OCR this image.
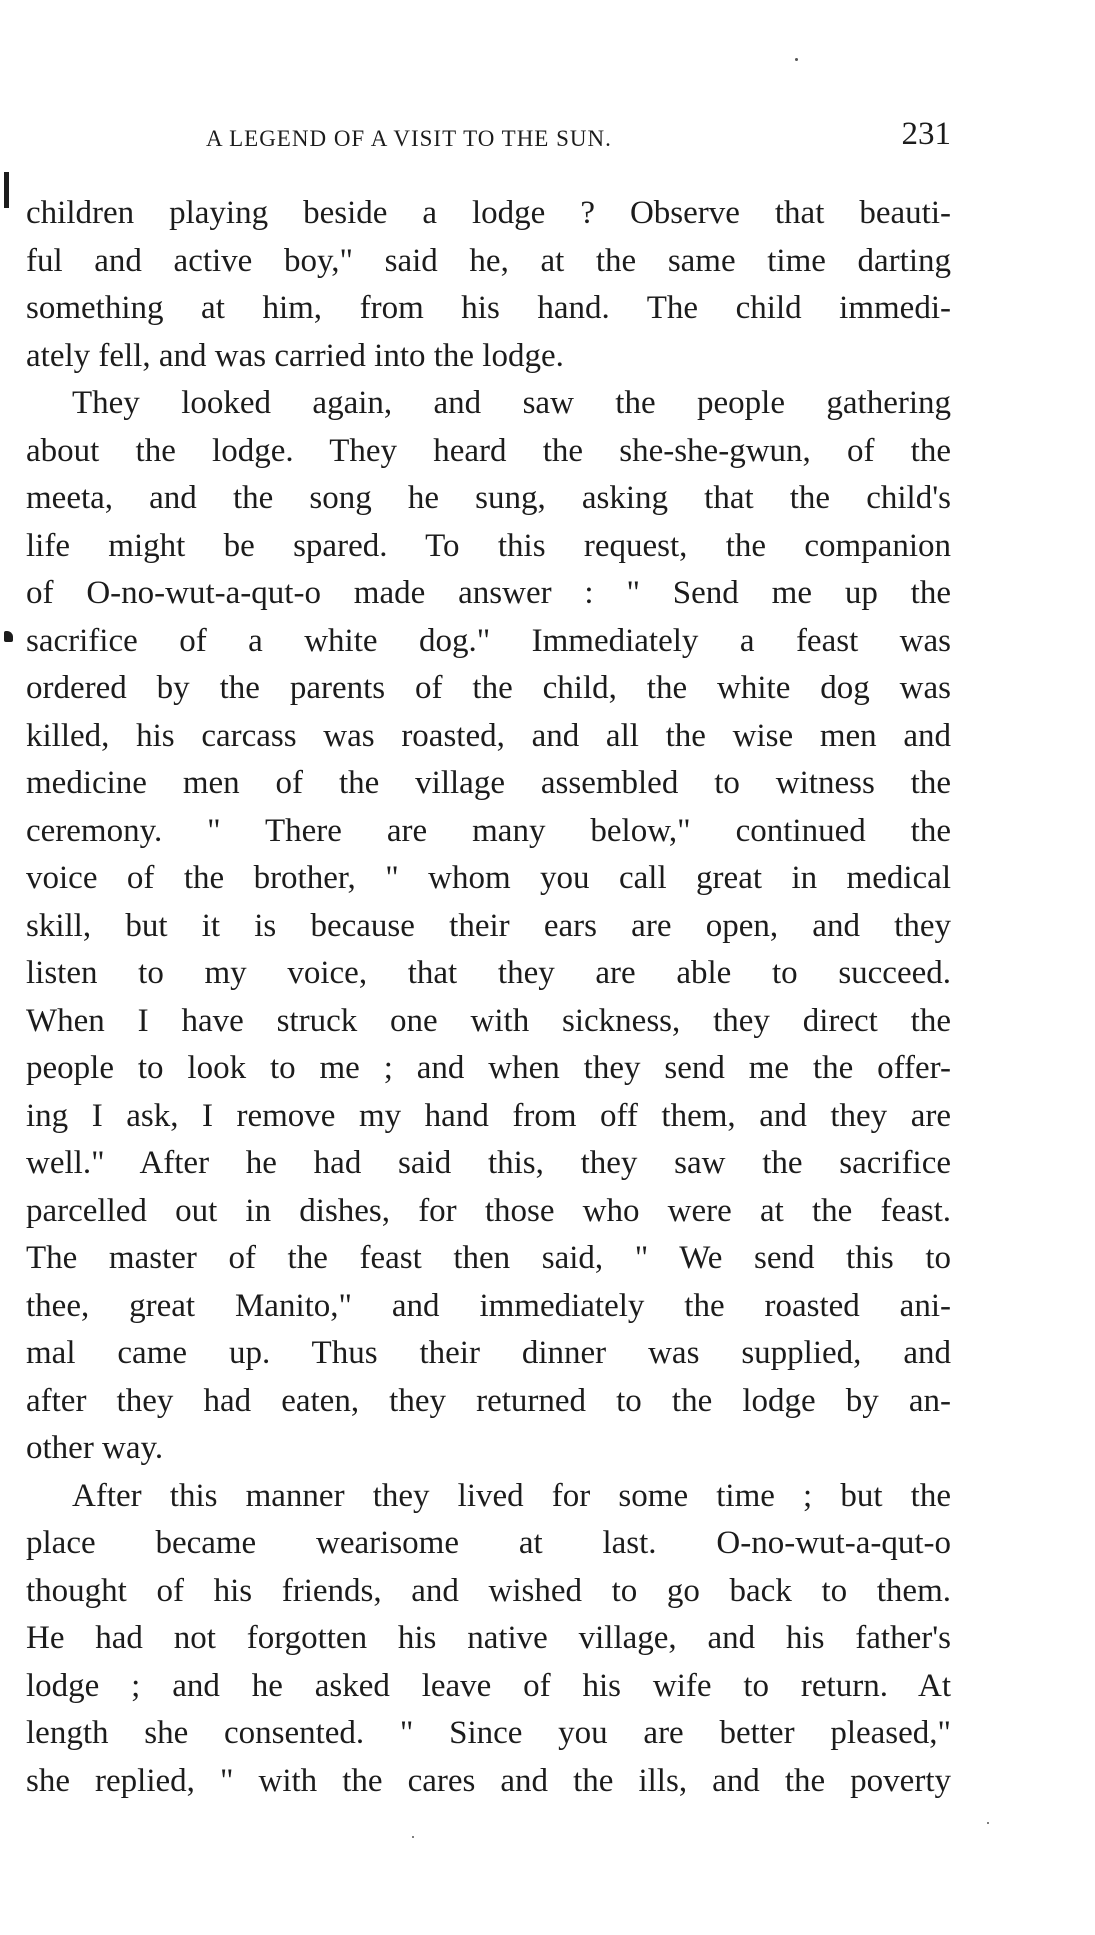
A LEGEND OF A VISIT TO THE SUN.	231
children playing beside a lodge ? Observe that beauti-
ful and active boy," said he, at the same time darting
something at him, from his hand. The child immedi-
ately fell, and was carried into the lodge.
They looked again, and saw the people gathering
about the lodge. They heard the she-she-gwun, of the
meeta, and the song he sung, asking that the child's
life might be spared. To this request, the companion
of O-no-wut-a-qut-o made answer : " Send me up the
sacrifice of a white dog." Immediately a feast was
ordered by the parents of the child, the white dog was
killed, his carcass was roasted, and all the wise men and
medicine men of the village assembled to witness the
ceremony. " There are many below," continued the
voice of the brother, " whom you call great in medical
skill, but it is because their ears are open, and they
listen to my voice, that they are able to succeed.
When I have struck one with sickness, they direct the
people to look to me ; and when they send me the offer-
ing I ask, I remove my hand from off them, and they are
well." After he had said this, they saw the sacrifice
parcelled out in dishes, for those who were at the feast.
The master of the feast then said, " We send this to
thee, great Manito," and immediately the roasted ani-
mal came up. Thus their dinner was supplied, and
after they had eaten, they returned to the lodge by an-
other way.
After this manner they lived for some time ; but the
place became wearisome at last. O-no-wut-a-qut-o
thought of his friends, and wished to go back to them.
He had not forgotten his native village, and his father's
lodge ; and he asked leave of his wife to return. At
length she consented. " Since you are better pleased,"
she replied, " with the cares and the ills, and the poverty
